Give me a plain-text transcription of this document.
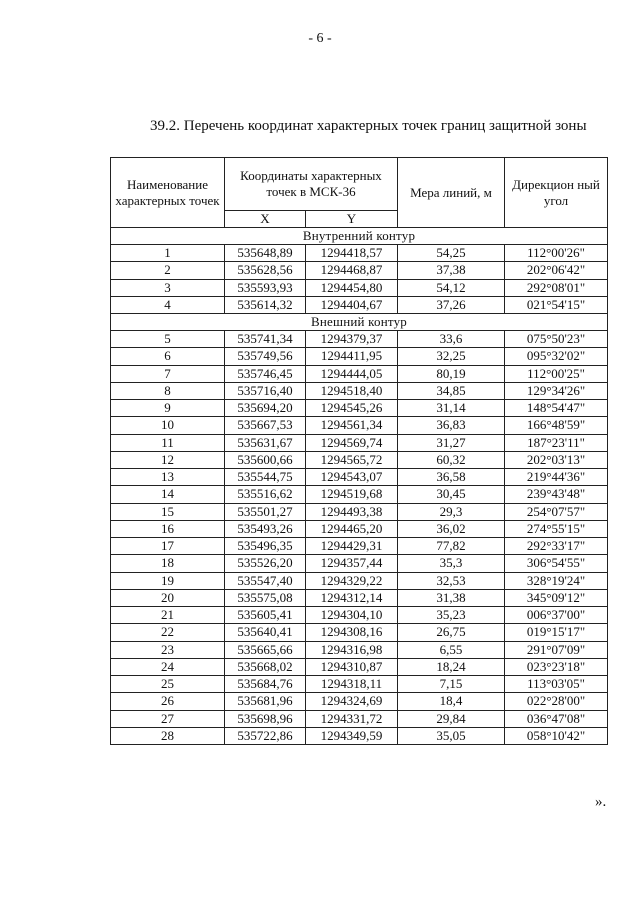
- 6 -
39.2. Перечень координат характерных точек границ защитной зоны
Наименование характерных точек	Координаты характерных точек в МСК-36		Мера линий, м	Дирекцион ный угол
	X	Y		
Внутренний контур				
1	535648,89	1294418,57	54,25	112°00'26"
2	535628,56	1294468,87	37,38	202°06'42"
3	535593,93	1294454,80	54,12	292°08'01"
4	535614,32	1294404,67	37,26	021°54'15"
Внешний контур				
5	535741,34	1294379,37	33,6	075°50'23"
6	535749,56	1294411,95	32,25	095°32'02"
7	535746,45	1294444,05	80,19	112°00'25"
8	535716,40	1294518,40	34,85	129°34'26"
9	535694,20	1294545,26	31,14	148°54'47"
10	535667,53	1294561,34	36,83	166°48'59"
11	535631,67	1294569,74	31,27	187°23'11"
12	535600,66	1294565,72	60,32	202°03'13"
13	535544,75	1294543,07	36,58	219°44'36"
14	535516,62	1294519,68	30,45	239°43'48"
15	535501,27	1294493,38	29,3	254°07'57"
16	535493,26	1294465,20	36,02	274°55'15"
17	535496,35	1294429,31	77,82	292°33'17"
18	535526,20	1294357,44	35,3	306°54'55"
19	535547,40	1294329,22	32,53	328°19'24"
20	535575,08	1294312,14	31,38	345°09'12"
21	535605,41	1294304,10	35,23	006°37'00"
22	535640,41	1294308,16	26,75	019°15'17"
23	535665,66	1294316,98	6,55	291°07'09"
24	535668,02	1294310,87	18,24	023°23'18"
25	535684,76	1294318,11	7,15	113°03'05"
26	535681,96	1294324,69	18,4	022°28'00"
27	535698,96	1294331,72	29,84	036°47'08"
28	535722,86	1294349,59	35,05	058°10'42"
».
